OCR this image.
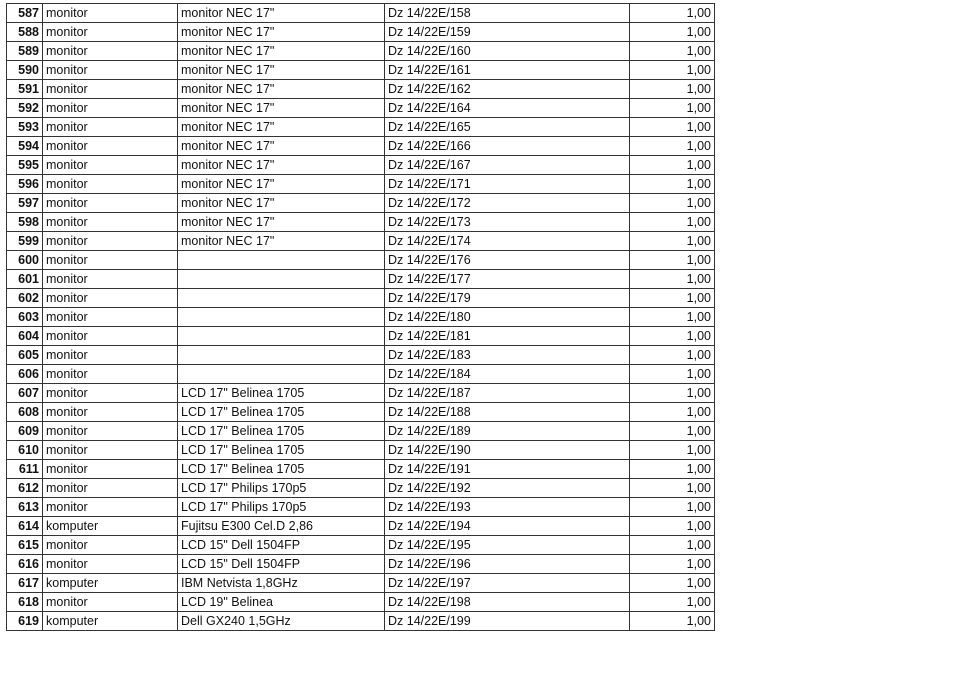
587	monitor	monitor NEC 17"	Dz 14/22E/158	1,00
588	monitor	monitor NEC 17"	Dz 14/22E/159	1,00
589	monitor	monitor NEC 17"	Dz 14/22E/160	1,00
590	monitor	monitor NEC 17"	Dz 14/22E/161	1,00
591	monitor	monitor NEC 17"	Dz 14/22E/162	1,00
592	monitor	monitor NEC 17"	Dz 14/22E/164	1,00
593	monitor	monitor NEC 17"	Dz 14/22E/165	1,00
594	monitor	monitor NEC 17"	Dz 14/22E/166	1,00
595	monitor	monitor NEC 17"	Dz 14/22E/167	1,00
596	monitor	monitor NEC 17"	Dz 14/22E/171	1,00
597	monitor	monitor NEC 17"	Dz 14/22E/172	1,00
598	monitor	monitor NEC 17"	Dz 14/22E/173	1,00
599	monitor	monitor NEC 17"	Dz 14/22E/174	1,00
600	monitor		Dz 14/22E/176	1,00
601	monitor		Dz 14/22E/177	1,00
602	monitor		Dz 14/22E/179	1,00
603	monitor		Dz 14/22E/180	1,00
604	monitor		Dz 14/22E/181	1,00
605	monitor		Dz 14/22E/183	1,00
606	monitor		Dz 14/22E/184	1,00
607	monitor	LCD 17" Belinea 1705	Dz 14/22E/187	1,00
608	monitor	LCD 17" Belinea 1705	Dz 14/22E/188	1,00
609	monitor	LCD 17" Belinea 1705	Dz 14/22E/189	1,00
610	monitor	LCD 17" Belinea 1705	Dz 14/22E/190	1,00
611	monitor	LCD 17" Belinea 1705	Dz 14/22E/191	1,00
612	monitor	LCD 17" Philips 170p5	Dz 14/22E/192	1,00
613	monitor	LCD 17" Philips 170p5	Dz 14/22E/193	1,00
614	komputer	Fujitsu E300 Cel.D 2,86	Dz 14/22E/194	1,00
615	monitor	LCD 15" Dell 1504FP	Dz 14/22E/195	1,00
616	monitor	LCD 15" Dell 1504FP	Dz 14/22E/196	1,00
617	komputer	IBM Netvista 1,8GHz	Dz 14/22E/197	1,00
618	monitor	LCD 19" Belinea	Dz 14/22E/198	1,00
619	komputer	Dell GX240 1,5GHz	Dz 14/22E/199	1,00
